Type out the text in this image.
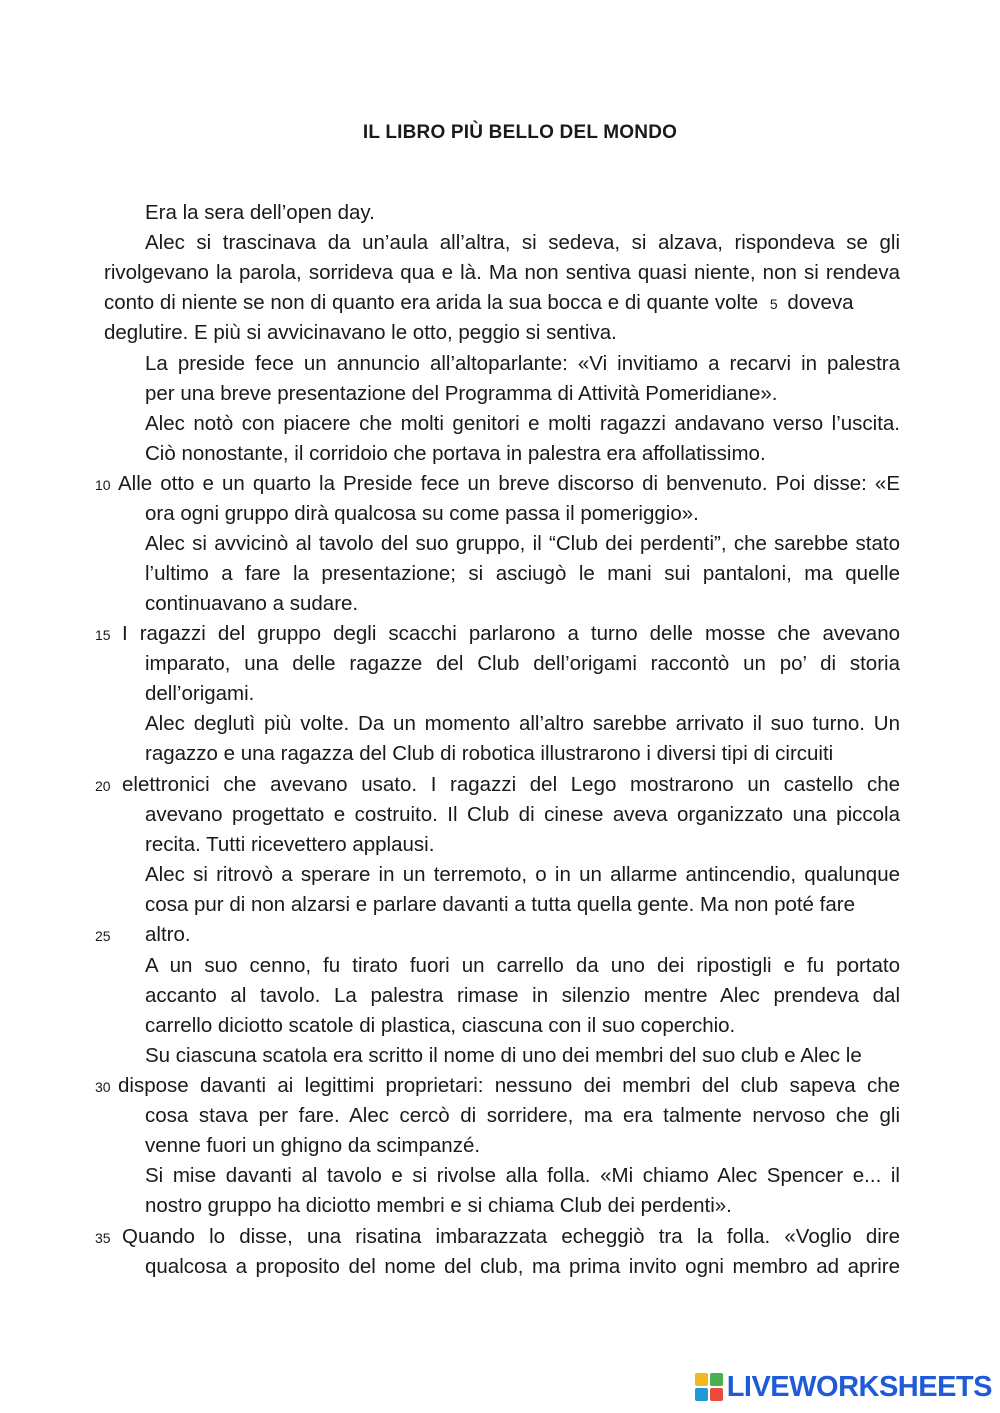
IL LIBRO PIÙ BELLO DEL MONDO
Era la sera dell’open day.
Alec si trascinava da un’aula all’altra, si sedeva, si alzava, rispondeva se gli
rivolgevano la parola, sorrideva qua e là. Ma non sentiva quasi niente, non si rendeva
conto di niente se non di quanto era arida la sua bocca e di quante volte 5 doveva
deglutire. E più si avvicinavano le otto, peggio si sentiva.
La preside fece un annuncio all’altoparlante: «Vi invitiamo a recarvi in palestra
per una breve presentazione del Programma di Attività Pomeridiane».
Alec notò con piacere che molti genitori e molti ragazzi andavano verso l’uscita.
Ciò nonostante, il corridoio che portava in palestra era affollatissimo.
10 Alle otto e un quarto la Preside fece un breve discorso di benvenuto. Poi disse: «E
ora ogni gruppo dirà qualcosa su come passa il pomeriggio».
Alec si avvicinò al tavolo del suo gruppo, il “Club dei perdenti”, che sarebbe stato
l’ultimo a fare la presentazione; si asciugò le mani sui pantaloni, ma quelle
continuavano a sudare.
15 I ragazzi del gruppo degli scacchi parlarono a turno delle mosse che avevano
imparato, una delle ragazze del Club dell’origami raccontò un po’ di storia
dell’origami.
Alec deglutì più volte. Da un momento all’altro sarebbe arrivato il suo turno. Un
ragazzo e una ragazza del Club di robotica illustrarono i diversi tipi di circuiti
20 elettronici che avevano usato. I ragazzi del Lego mostrarono un castello che
avevano progettato e costruito. Il Club di cinese aveva organizzato una piccola
recita. Tutti ricevettero applausi.
Alec si ritrovò a sperare in un terremoto, o in un allarme antincendio, qualunque
cosa pur di non alzarsi e parlare davanti a tutta quella gente. Ma non poté fare
25 altro.
A un suo cenno, fu tirato fuori un carrello da uno dei ripostigli e fu portato
accanto al tavolo. La palestra rimase in silenzio mentre Alec prendeva dal
carrello diciotto scatole di plastica, ciascuna con il suo coperchio.
Su ciascuna scatola era scritto il nome di uno dei membri del suo club e Alec le
30 dispose davanti ai legittimi proprietari: nessuno dei membri del club sapeva che
cosa stava per fare. Alec cercò di sorridere, ma era talmente nervoso che gli
venne fuori un ghigno da scimpanzé.
Si mise davanti al tavolo e si rivolse alla folla. «Mi chiamo Alec Spencer e... il
nostro gruppo ha diciotto membri e si chiama Club dei perdenti».
35 Quando lo disse, una risatina imbarazzata echeggiò tra la folla. «Voglio dire
qualcosa a proposito del nome del club, ma prima invito ogni membro ad aprire
LIVEWORKSHEETS
